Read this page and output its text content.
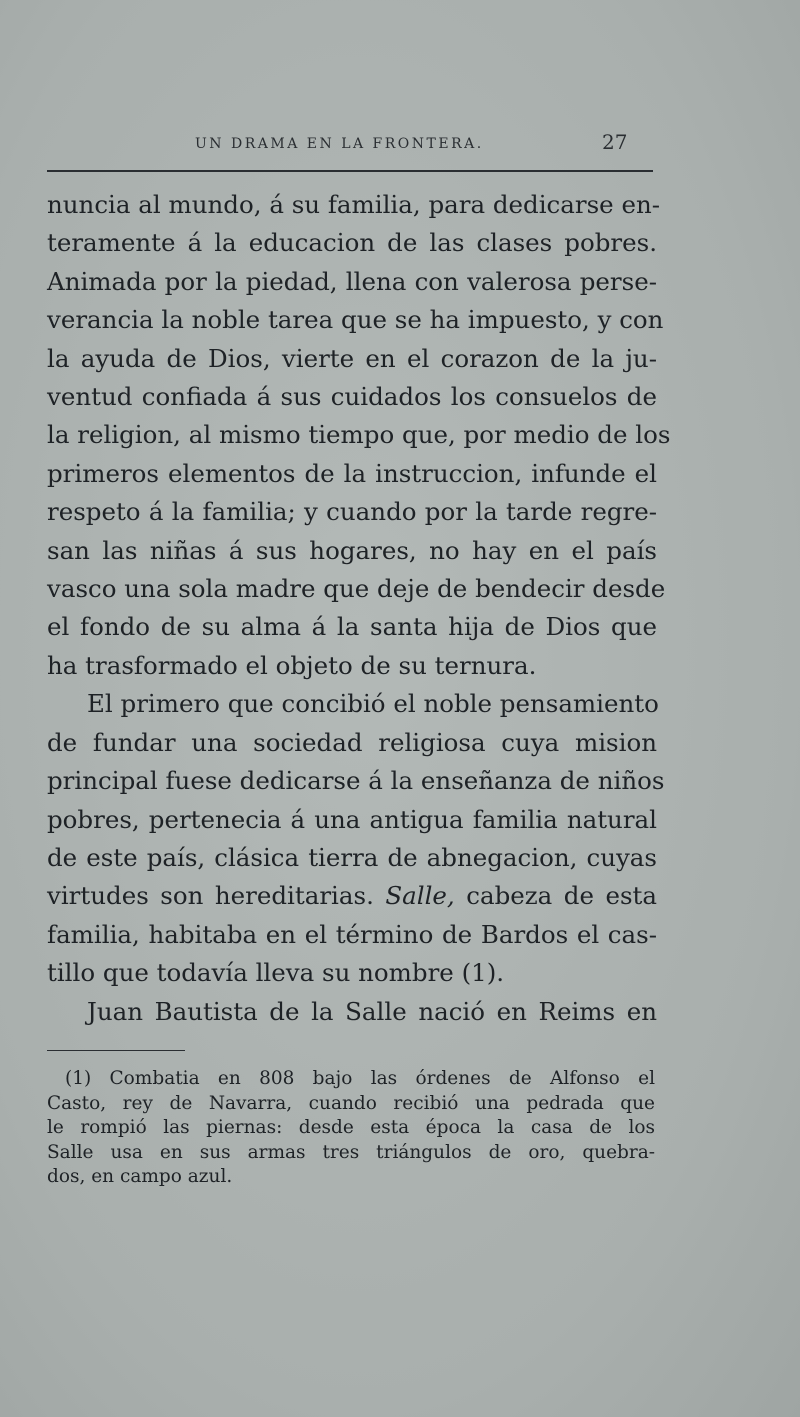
UN DRAMA EN LA FRONTERA.	27
nuncia al mundo, á su familia, para dedicarse en-
teramente á la educacion de las clases pobres.
Animada por la piedad, llena con valerosa perse-
verancia la noble tarea que se ha impuesto, y con
la ayuda de Dios, vierte en el corazon de la ju-
ventud confiada á sus cuidados los consuelos de
la religion, al mismo tiempo que, por medio de los
primeros elementos de la instruccion, infunde el
respeto á la familia; y cuando por la tarde regre-
san las niñas á sus hogares, no hay en el país
vasco una sola madre que deje de bendecir desde
el fondo de su alma á la santa hija de Dios que
ha trasformado el objeto de su ternura.
El primero que concibió el noble pensamiento
de fundar una sociedad religiosa cuya mision
principal fuese dedicarse á la enseñanza de niños
pobres, pertenecia á una antigua familia natural
de este país, clásica tierra de abnegacion, cuyas
virtudes son hereditarias. Salle, cabeza de esta
familia, habitaba en el término de Bardos el cas-
tillo que todavía lleva su nombre (1).
Juan Bautista de la Salle nació en Reims en
(1) Combatia en 808 bajo las órdenes de Alfonso el
Casto, rey de Navarra, cuando recibió una pedrada que
le rompió las piernas: desde esta época la casa de los
Salle usa en sus armas tres triángulos de oro, quebra-
dos, en campo azul.
